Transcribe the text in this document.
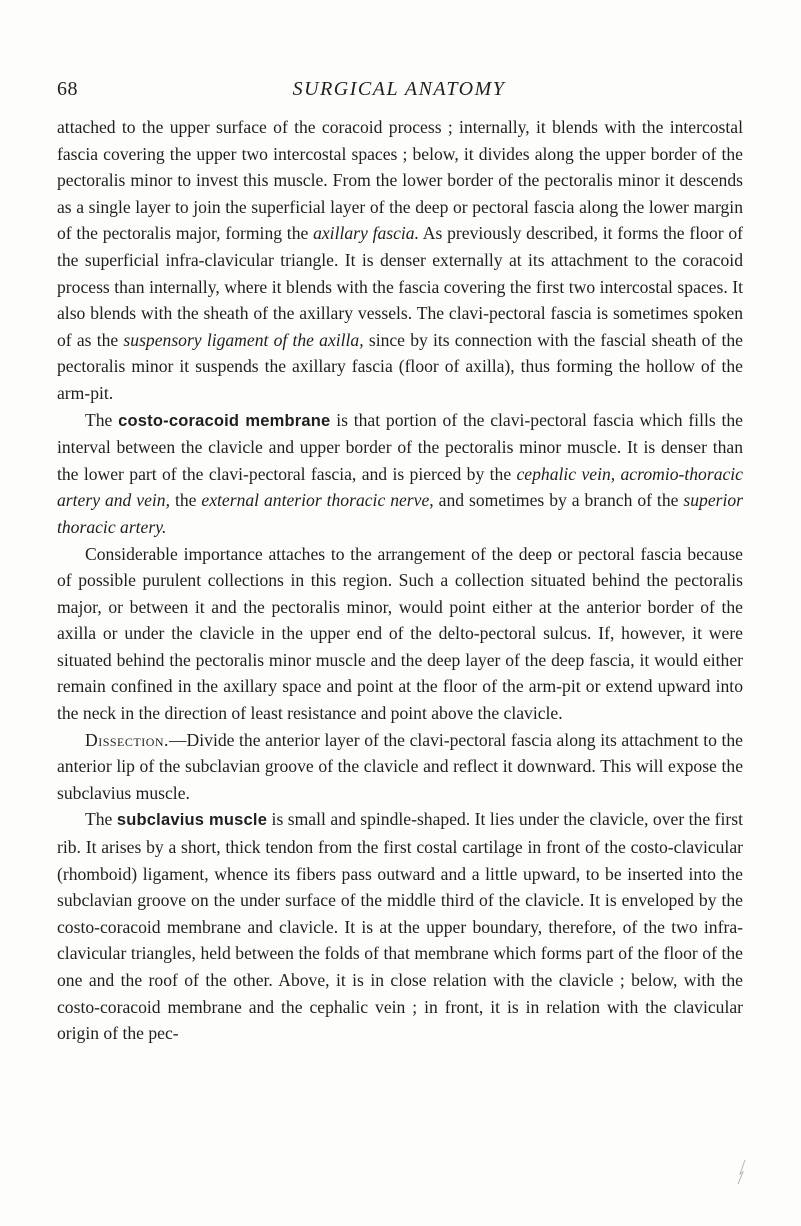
68	SURGICAL ANATOMY

attached to the upper surface of the coracoid process ; internally, it blends with the intercostal fascia covering the upper two intercostal spaces ; below, it divides along the upper border of the pectoralis minor to invest this muscle. From the lower border of the pectoralis minor it descends as a single layer to join the superficial layer of the deep or pectoral fascia along the lower margin of the pectoralis major, forming the axillary fascia. As previously described, it forms the floor of the superficial infra-clavicular triangle. It is denser externally at its attachment to the coracoid process than internally, where it blends with the fascia covering the first two intercostal spaces. It also blends with the sheath of the axillary vessels. The clavi-pectoral fascia is sometimes spoken of as the suspensory ligament of the axilla, since by its connection with the fascial sheath of the pectoralis minor it suspends the axillary fascia (floor of axilla), thus forming the hollow of the arm-pit.

The costo-coracoid membrane is that portion of the clavi-pectoral fascia which fills the interval between the clavicle and upper border of the pectoralis minor muscle. It is denser than the lower part of the clavi-pectoral fascia, and is pierced by the cephalic vein, acromio-thoracic artery and vein, the external anterior thoracic nerve, and sometimes by a branch of the superior thoracic artery.

Considerable importance attaches to the arrangement of the deep or pectoral fascia because of possible purulent collections in this region. Such a collection situated behind the pectoralis major, or between it and the pectoralis minor, would point either at the anterior border of the axilla or under the clavicle in the upper end of the delto-pectoral sulcus. If, however, it were situated behind the pectoralis minor muscle and the deep layer of the deep fascia, it would either remain confined in the axillary space and point at the floor of the arm-pit or extend upward into the neck in the direction of least resistance and point above the clavicle.

Dissection.—Divide the anterior layer of the clavi-pectoral fascia along its attachment to the anterior lip of the subclavian groove of the clavicle and reflect it downward. This will expose the subclavius muscle.

The subclavius muscle is small and spindle-shaped. It lies under the clavicle, over the first rib. It arises by a short, thick tendon from the first costal cartilage in front of the costo-clavicular (rhomboid) ligament, whence its fibers pass outward and a little upward, to be inserted into the subclavian groove on the under surface of the middle third of the clavicle. It is enveloped by the costo-coracoid membrane and clavicle. It is at the upper boundary, therefore, of the two infra-clavicular triangles, held between the folds of that membrane which forms part of the floor of the one and the roof of the other. Above, it is in close relation with the clavicle ; below, with the costo-coracoid membrane and the cephalic vein ; in front, it is in relation with the clavicular origin of the pec-
